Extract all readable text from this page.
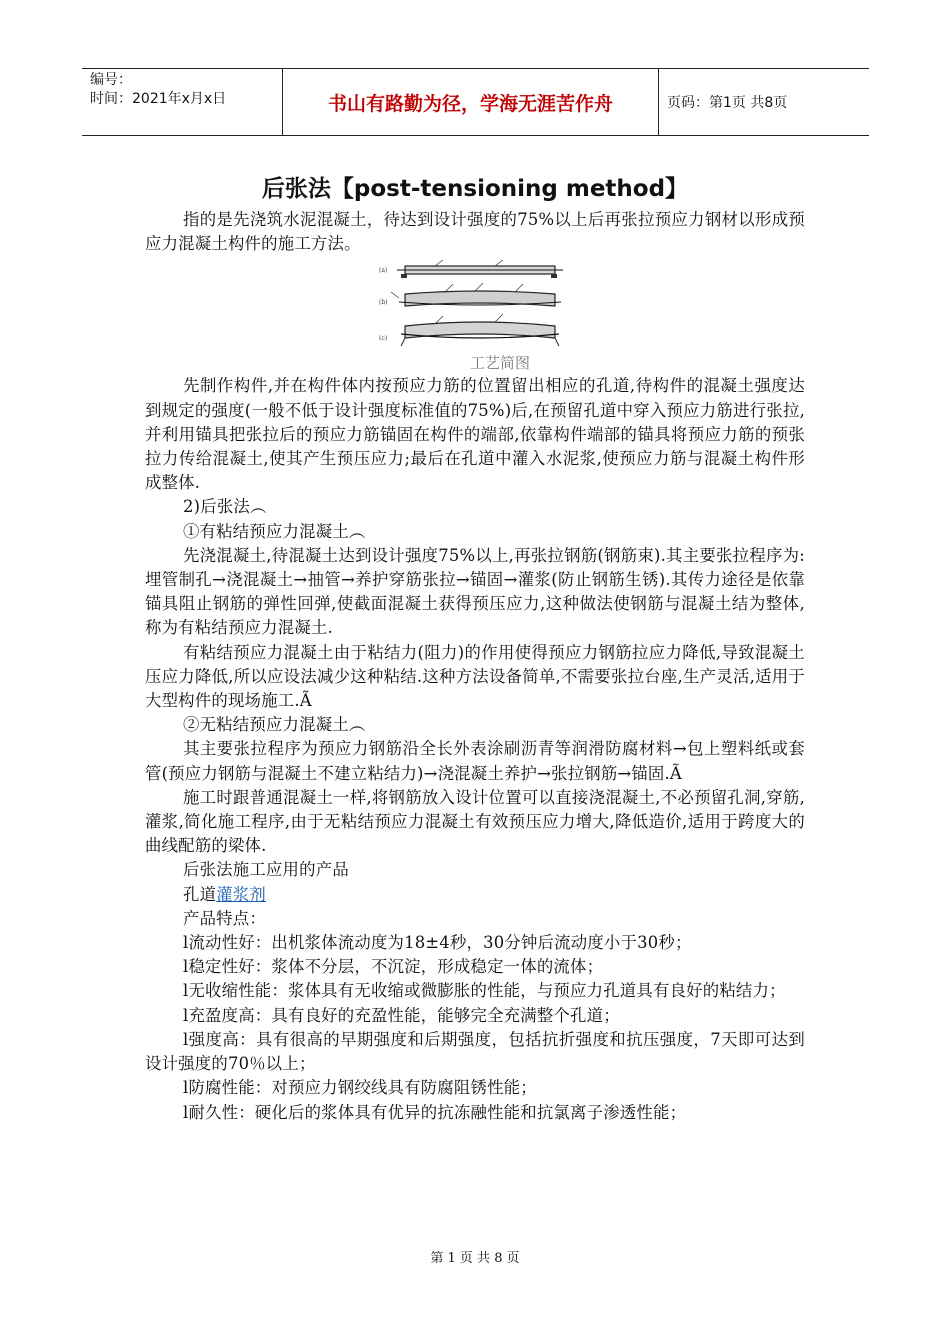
编号：
时间：2021年x月x日	书山有路勤为径，学海无涯苦作舟	页码：第1页 共8页
后张法【post-tensioning method】

指的是先浇筑水泥混凝土，待达到设计强度的75%以上后再张拉预应力钢材以形成预应力混凝土构件的施工方法。

(a)
(b)
(c)
工艺简图

先制作构件,并在构件体内按预应力筋的位置留出相应的孔道,待构件的混凝土强度达到规定的强度(一般不低于设计强度标准值的75%)后,在预留孔道中穿入预应力筋进行张拉,并利用锚具把张拉后的预应力筋锚固在构件的端部,依靠构件端部的锚具将预应力筋的预张拉力传给混凝土,使其产生预压应力;最后在孔道中灌入水泥浆,使预应力筋与混凝土构件形成整体.

2)后张法︵

①有粘结预应力混凝土︵

先浇混凝土,待混凝土达到设计强度75%以上,再张拉钢筋(钢筋束).其主要张拉程序为:埋管制孔→浇混凝土→抽管→养护穿筋张拉→锚固→灌浆(防止钢筋生锈).其传力途径是依靠锚具阻止钢筋的弹性回弹,使截面混凝土获得预压应力,这种做法使钢筋与混凝土结为整体,称为有粘结预应力混凝土.

有粘结预应力混凝土由于粘结力(阻力)的作用使得预应力钢筋拉应力降低,导致混凝土压应力降低,所以应设法减少这种粘结.这种方法设备简单,不需要张拉台座,生产灵活,适用于大型构件的现场施工.Ã

②无粘结预应力混凝土︵

其主要张拉程序为预应力钢筋沿全长外表涂刷沥青等润滑防腐材料→包上塑料纸或套管(预应力钢筋与混凝土不建立粘结力)→浇混凝土养护→张拉钢筋→锚固.Ã

施工时跟普通混凝土一样,将钢筋放入设计位置可以直接浇混凝土,不必预留孔洞,穿筋,灌浆,简化施工程序,由于无粘结预应力混凝土有效预压应力增大,降低造价,适用于跨度大的曲线配筋的梁体.

后张法施工应用的产品

孔道灌浆剂

产品特点：

l流动性好：出机浆体流动度为18±4秒，30分钟后流动度小于30秒；

l稳定性好：浆体不分层，不沉淀，形成稳定一体的流体；

l无收缩性能：浆体具有无收缩或微膨胀的性能，与预应力孔道具有良好的粘结力；

l充盈度高：具有良好的充盈性能，能够完全充满整个孔道；

l强度高：具有很高的早期强度和后期强度，包括抗折强度和抗压强度，7天即可达到设计强度的70％以上；

l防腐性能：对预应力钢绞线具有防腐阻锈性能；

l耐久性：硬化后的浆体具有优异的抗冻融性能和抗氯离子渗透性能；

第 1 页 共 8 页
